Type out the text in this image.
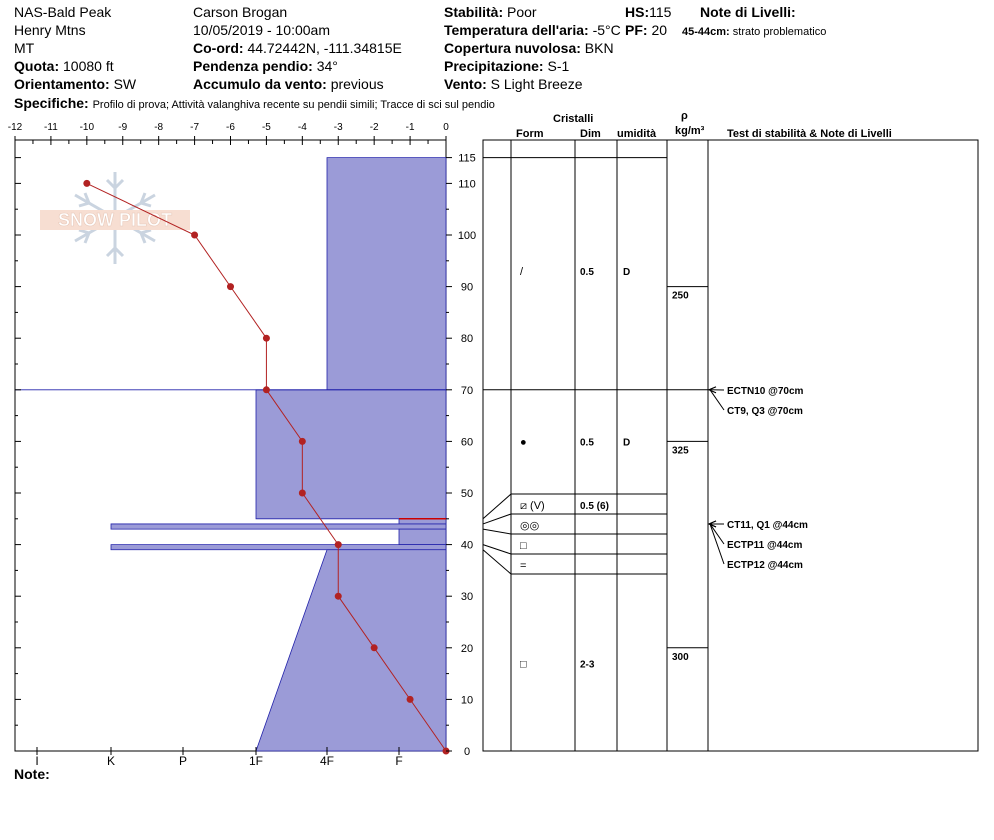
NAS-Bald Peak
Henry Mtns
MT
Quota: 10080 ft
Orientamento: SW
Carson Brogan
10/05/2019 - 10:00am
Co-ord: 44.72442N, -111.34815E
Pendenza pendio: 34°
Accumulo da vento: previous
Stabilità: Poor
Temperatura dell'aria: -5°C
Copertura nuvolosa: BKN
Precipitazione: S-1
Vento: S Light Breeze
HS:115
PF: 20
Note di Livelli:
45-44cm: strato problematico
Specifiche: Profilo di prova; Attività valanghiva recente su pendii simili; Tracce di sci sul pendio
Note:
Cristalli
Form	Dim umidità
ρ
kg/m³ Test di stabilità & Note di Livelli
SNOW PILOT
-12 -11 -10 -9	-8	-7	-6	-5	-4	-3	-2	-1	0
0
10
20
30
40
50
60
70
80
90
100
110
115
I	K	P	1F	4F	F
/	0.5	D
●	0.5	D
⧄ (V)	0.5 (6)
◎◎
□
=
□	2-3
250
325
300
ECTN10 @70cm
CT9, Q3 @70cm
CT11, Q1 @44cm
ECTP11 @44cm
ECTP12 @44cm
